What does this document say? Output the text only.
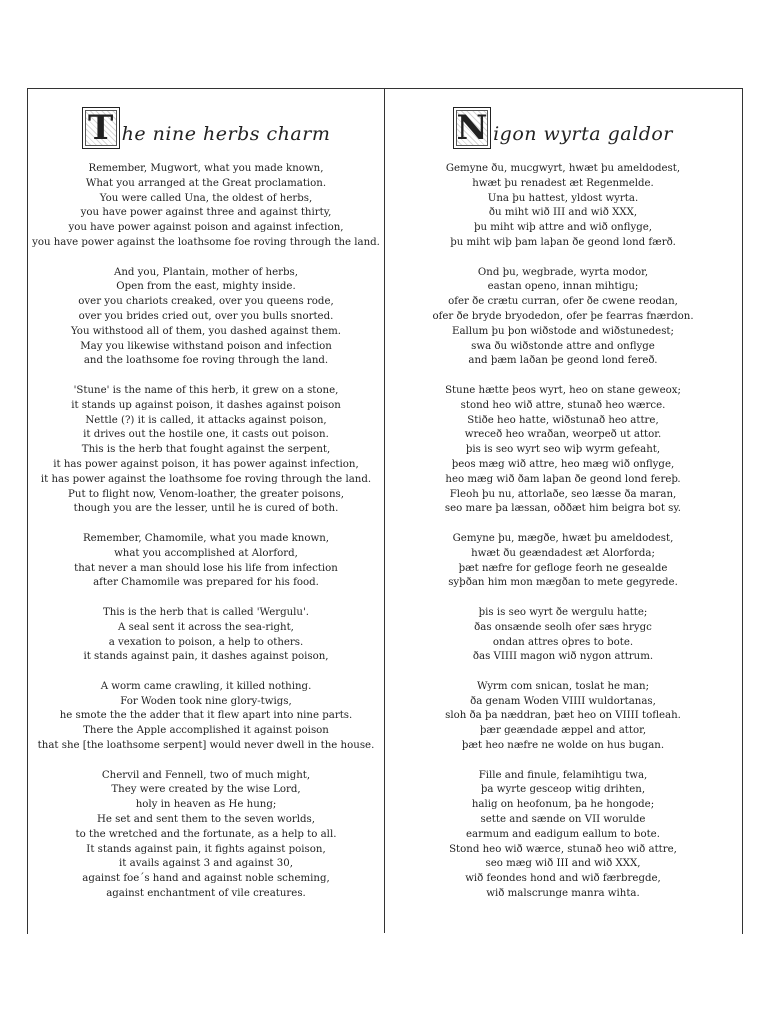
T he nine herbs charm
Remember, Mugwort, what you made known,
What you arranged at the Great proclamation.
You were called Una, the oldest of herbs,
you have power against three and against thirty,
you have power against poison and against infection,
you have power against the loathsome foe roving through the land.
And you, Plantain, mother of herbs,
Open from the east, mighty inside.
over you chariots creaked, over you queens rode,
over you brides cried out, over you bulls snorted.
You withstood all of them, you dashed against them.
May you likewise withstand poison and infection
and the loathsome foe roving through the land.
'Stune' is the name of this herb, it grew on a stone,
it stands up against poison, it dashes against poison
Nettle (?) it is called, it attacks against poison,
it drives out the hostile one, it casts out poison.
This is the herb that fought against the serpent,
it has power against poison, it has power against infection,
it has power against the loathsome foe roving through the land.
Put to flight now, Venom-loather, the greater poisons,
though you are the lesser, until he is cured of both.
Remember, Chamomile, what you made known,
what you accomplished at Alorford,
that never a man should lose his life from infection
after Chamomile was prepared for his food.
This is the herb that is called 'Wergulu'.
A seal sent it across the sea-right,
a vexation to poison, a help to others.
it stands against pain, it dashes against poison,
A worm came crawling, it killed nothing.
For Woden took nine glory-twigs,
he smote the the adder that it flew apart into nine parts.
There the Apple accomplished it against poison
that she [the loathsome serpent] would never dwell in the house.
Chervil and Fennell, two of much might,
They were created by the wise Lord,
holy in heaven as He hung;
He set and sent them to the seven worlds,
to the wretched and the fortunate, as a help to all.
It stands against pain, it fights against poison,
it avails against 3 and against 30,
against foe´s hand and against noble scheming,
against enchantment of vile creatures.
N igon wyrta galdor
Gemyne ðu, mucgwyrt, hwæt þu ameldodest,
hwæt þu renadest æt Regenmelde.
Una þu hattest, yldost wyrta.
ðu miht wið III and wið XXX,
þu miht wiþ attre and wið onflyge,
þu miht wiþ þam laþan ðe geond lond færð.
Ond þu, wegbrade, wyrta modor,
eastan openo, innan mihtigu;
ofer ðe crætu curran, ofer ðe cwene reodan,
ofer ðe bryde bryodedon, ofer þe fearras fnærdon.
Eallum þu þon wiðstode and wiðstunedest;
swa ðu wiðstonde attre and onflyge
and þæm laðan þe geond lond fereð.
Stune hætte þeos wyrt, heo on stane geweox;
stond heo wið attre, stunað heo wærce.
Stiðe heo hatte, wiðstunað heo attre,
wreceð heo wraðan, weorpeð ut attor.
þis is seo wyrt seo wiþ wyrm gefeaht,
þeos mæg wið attre, heo mæg wið onflyge,
heo mæg wið ðam laþan ðe geond lond fereþ.
Fleoh þu nu, attorlaðe, seo læsse ða maran,
seo mare þa læssan, oððæt him beigra bot sy.
Gemyne þu, mægðe, hwæt þu ameldodest,
hwæt ðu geændadest æt Alorforda;
þæt næfre for gefloge feorh ne gesealde
syþðan him mon mægðan to mete gegyrede.
þis is seo wyrt ðe wergulu hatte;
ðas onsænde seolh ofer sæs hrygc
ondan attres oþres to bote.
ðas VIIII magon wið nygon attrum.
Wyrm com snican, toslat he man;
ða genam Woden VIIII wuldortanas,
sloh ða þa næddran, þæt heo on VIIII tofleah.
þær geændade æppel and attor,
þæt heo næfre ne wolde on hus bugan.
Fille and finule, felamihtigu twa,
þa wyrte gesceop witig drihten,
halig on heofonum, þa he hongode;
sette and sænde on VII worulde
earmum and eadigum eallum to bote.
Stond heo wið wærce, stunað heo wið attre,
seo mæg wið III and wið XXX,
wið feondes hond and wið færbregde,
wið malscrunge manra wihta.
